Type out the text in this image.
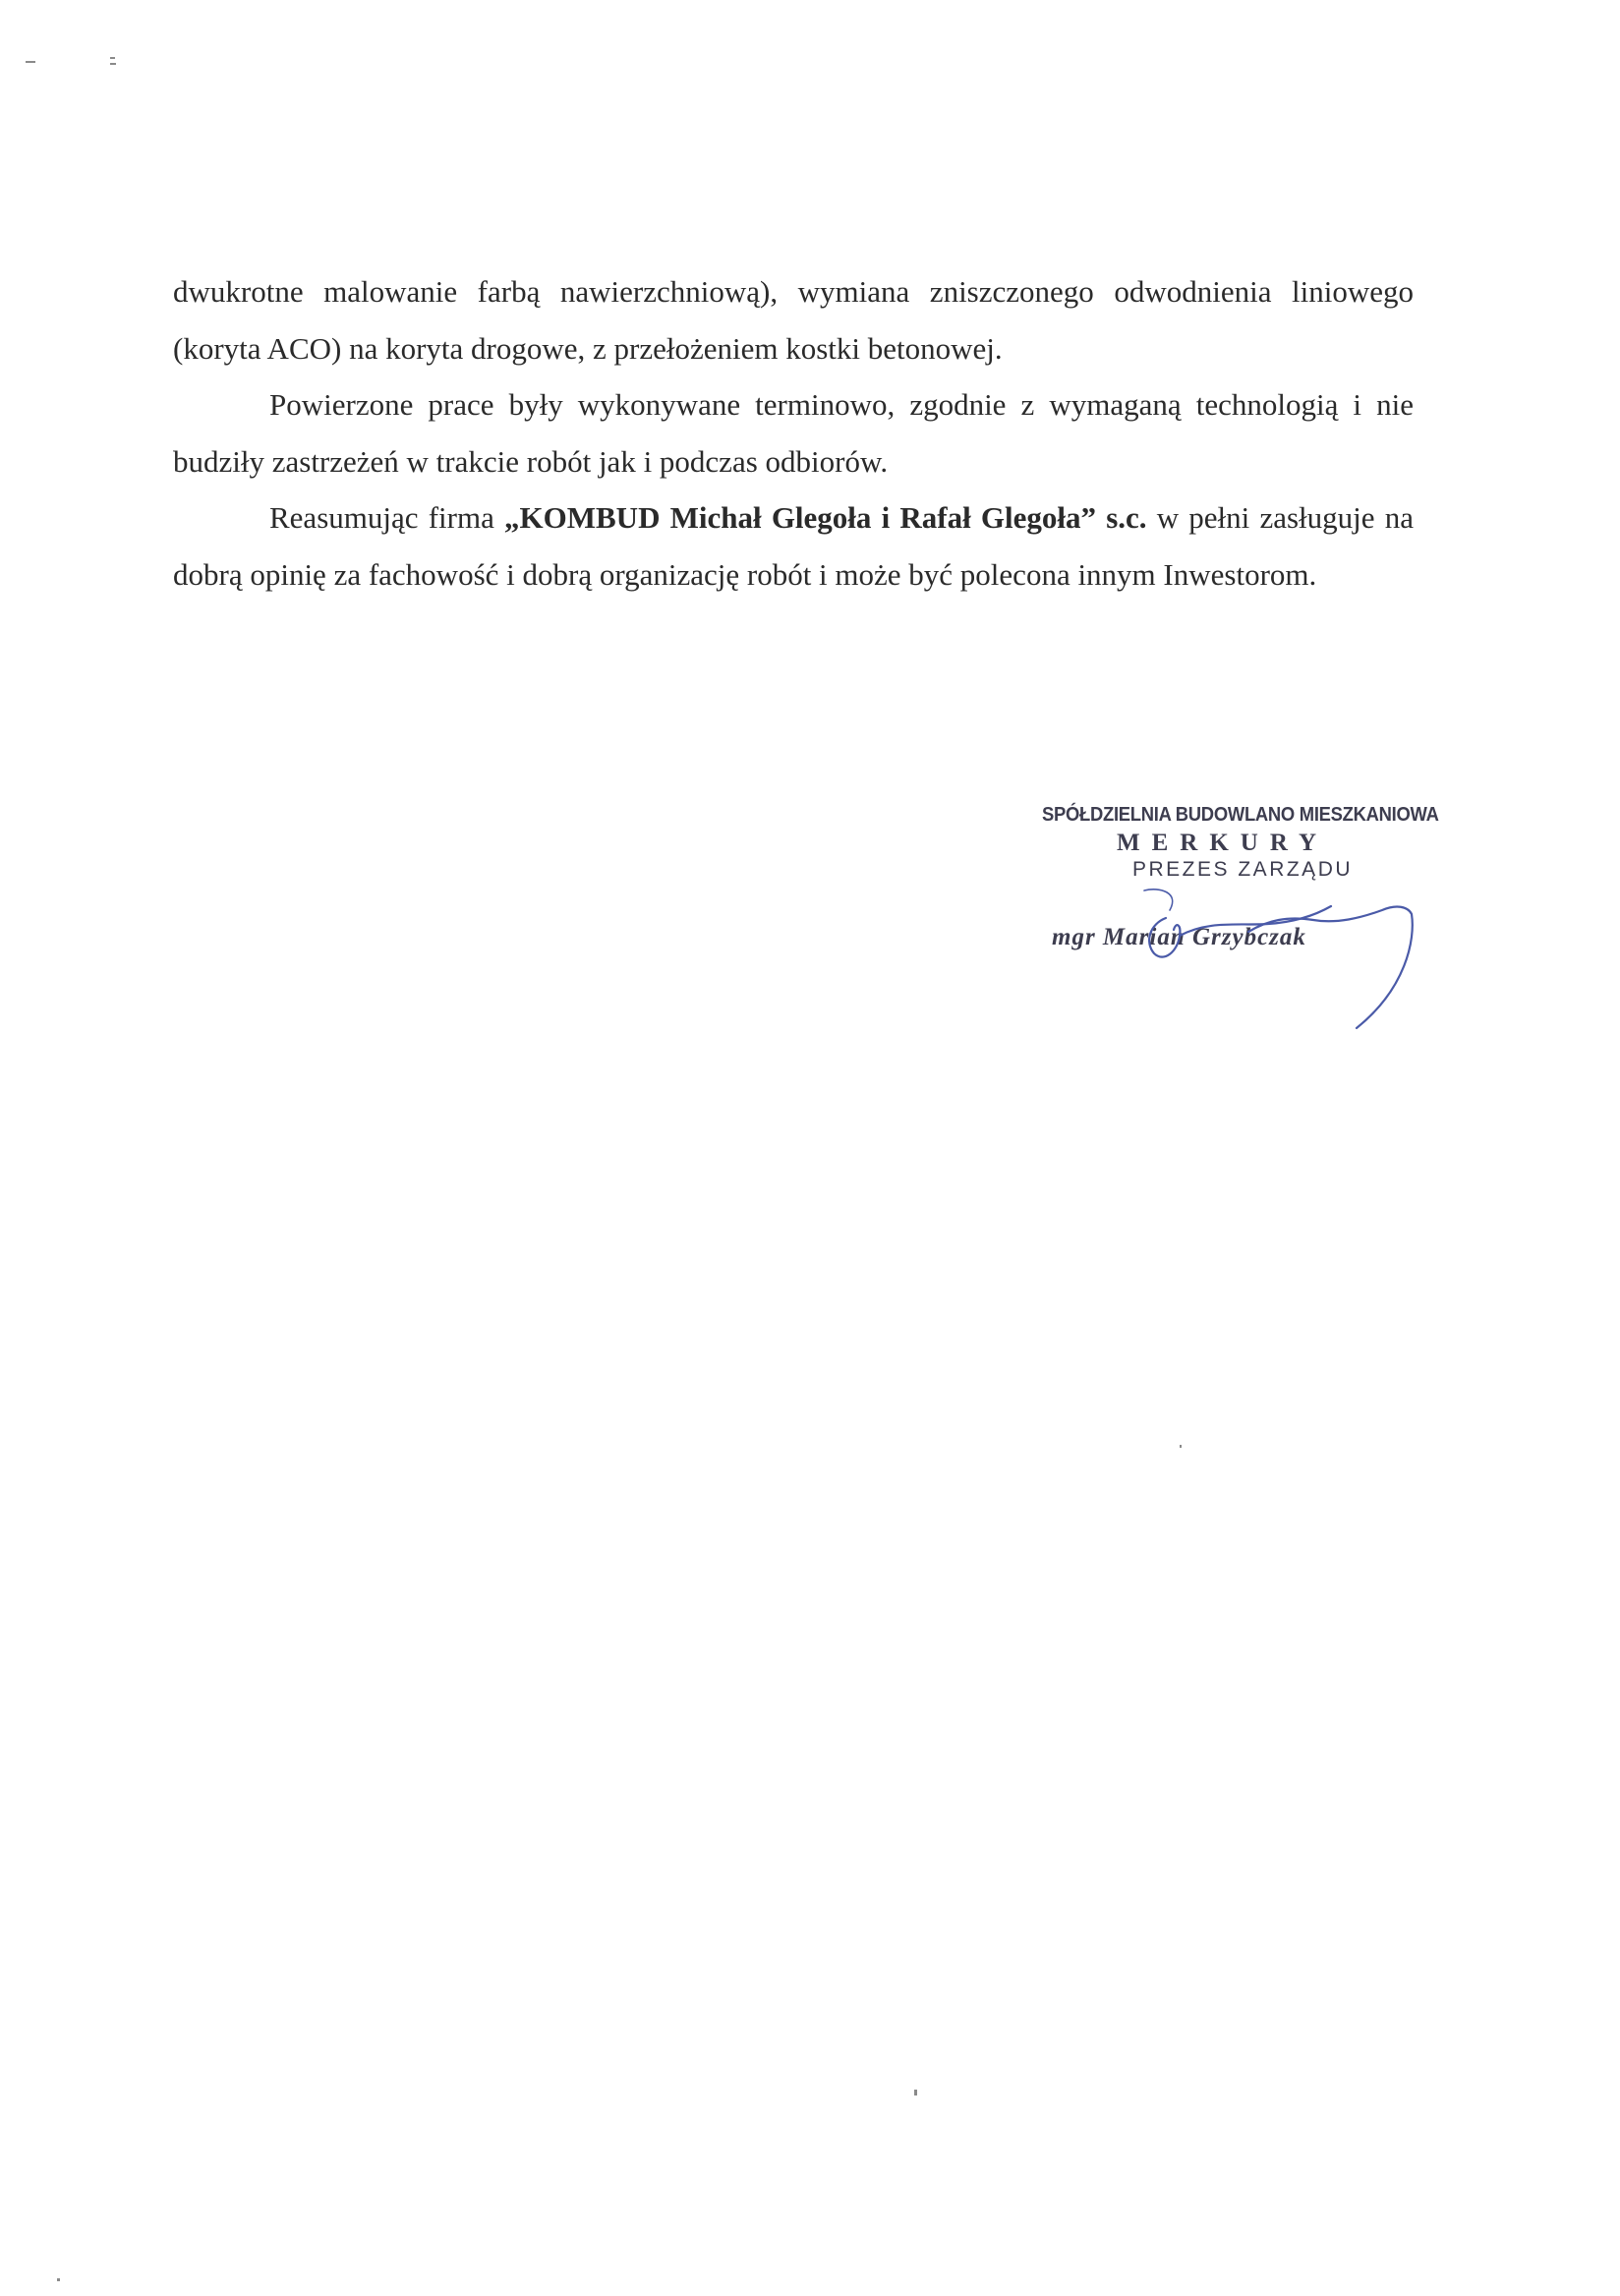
dwukrotne malowanie farbą nawierzchniową), wymiana zniszczonego odwodnienia liniowego (koryta ACO) na koryta drogowe, z przełożeniem kostki betonowej.

Powierzone prace były wykonywane terminowo, zgodnie z wymaganą technologią i nie budziły zastrzeżeń w trakcie robót jak i podczas odbiorów.

Reasumując firma „KOMBUD Michał Glegoła i Rafał Glegoła” s.c. w pełni zasługuje na dobrą opinię za fachowość i dobrą organizację robót i może być polecona innym Inwestorom.

SPÓŁDZIELNIA BUDOWLANO MIESZKANIOWA
MERKURY
PREZES ZARZĄDU
mgr Marian Grzybczak
